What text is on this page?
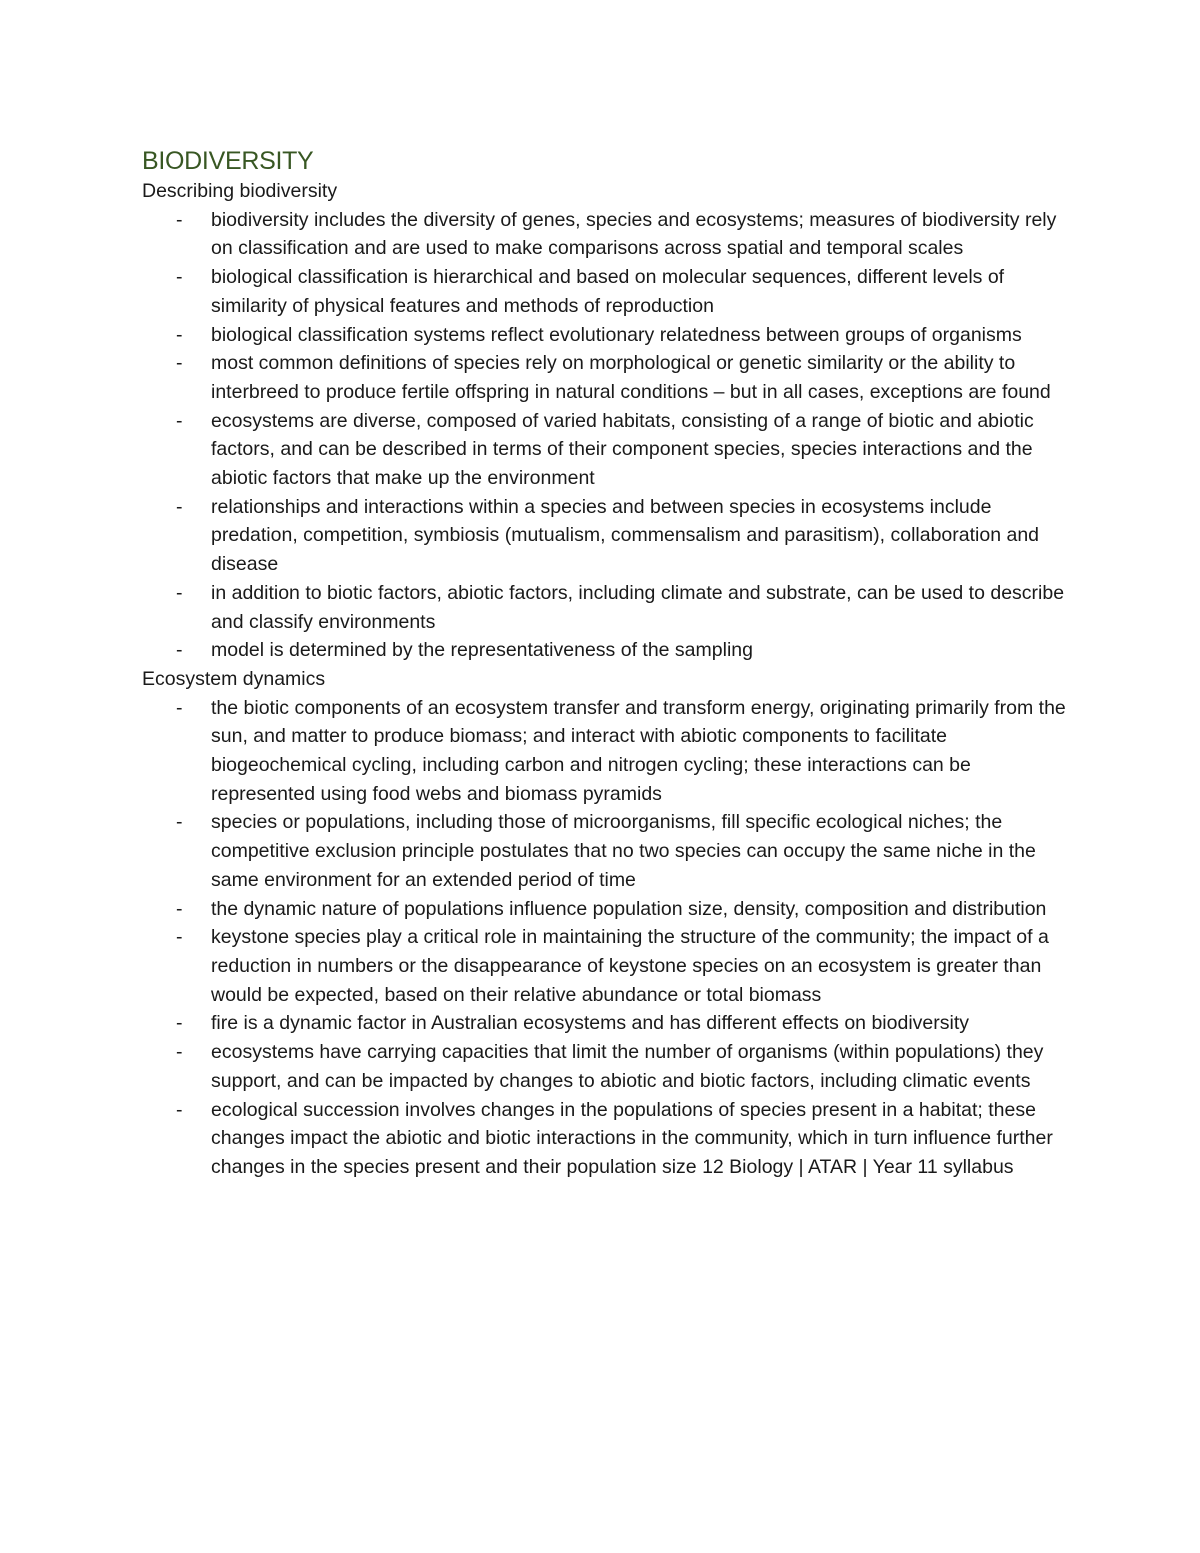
BIODIVERSITY

Describing biodiversity

- biodiversity includes the diversity of genes, species and ecosystems; measures of biodiversity rely on classification and are used to make comparisons across spatial and temporal scales
- biological classification is hierarchical and based on molecular sequences, different levels of similarity of physical features and methods of reproduction
- biological classification systems reflect evolutionary relatedness between groups of organisms
- most common definitions of species rely on morphological or genetic similarity or the ability to interbreed to produce fertile offspring in natural conditions – but in all cases, exceptions are found
- ecosystems are diverse, composed of varied habitats, consisting of a range of biotic and abiotic factors, and can be described in terms of their component species, species interactions and the abiotic factors that make up the environment
- relationships and interactions within a species and between species in ecosystems include predation, competition, symbiosis (mutualism, commensalism and parasitism), collaboration and disease
- in addition to biotic factors, abiotic factors, including climate and substrate, can be used to describe and classify environments
- model is determined by the representativeness of the sampling

Ecosystem dynamics

- the biotic components of an ecosystem transfer and transform energy, originating primarily from the sun, and matter to produce biomass; and interact with abiotic components to facilitate biogeochemical cycling, including carbon and nitrogen cycling; these interactions can be represented using food webs and biomass pyramids
- species or populations, including those of microorganisms, fill specific ecological niches; the competitive exclusion principle postulates that no two species can occupy the same niche in the same environment for an extended period of time
- the dynamic nature of populations influence population size, density, composition and distribution
- keystone species play a critical role in maintaining the structure of the community; the impact of a reduction in numbers or the disappearance of keystone species on an ecosystem is greater than would be expected, based on their relative abundance or total biomass
- fire is a dynamic factor in Australian ecosystems and has different effects on biodiversity
- ecosystems have carrying capacities that limit the number of organisms (within populations) they support, and can be impacted by changes to abiotic and biotic factors, including climatic events
- ecological succession involves changes in the populations of species present in a habitat; these changes impact the abiotic and biotic interactions in the community, which in turn influence further changes in the species present and their population size 12 Biology | ATAR | Year 11 syllabus
